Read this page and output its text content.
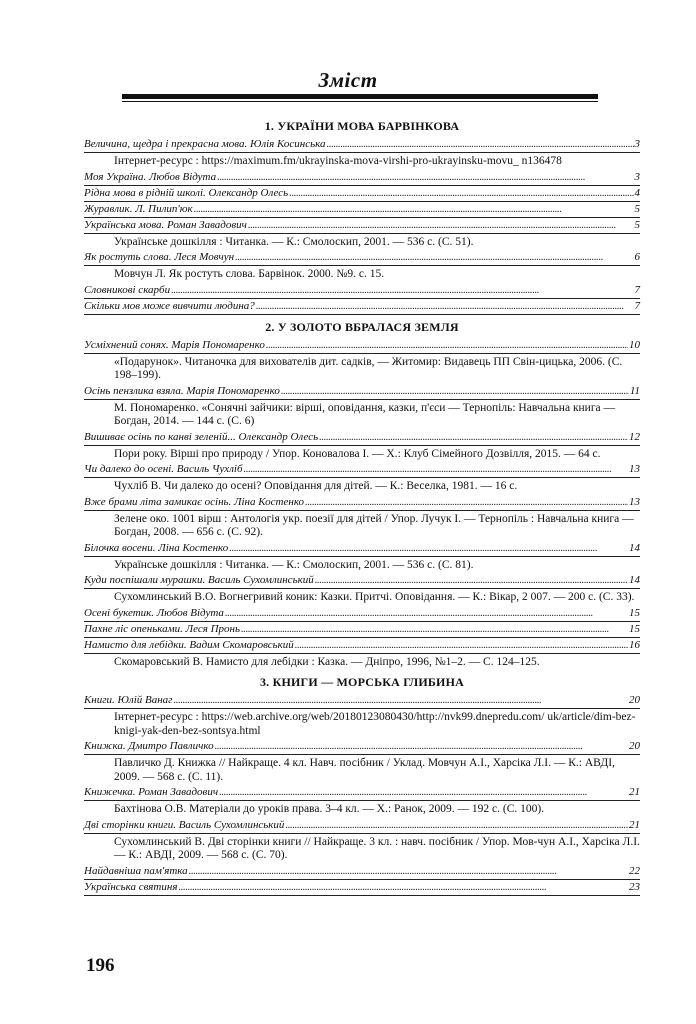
Зміст
1. УКРАЇНИ МОВА БАРВІНКОВА
Величина, щедра і прекрасна мова. Юлія Косинська . . .	3
Інтернет-ресурс : https://maximum.fm/ukrayinska-mova-virshi-pro-ukrayinsku-movu_ n136478
Моя Україна. Любов Відута . . .	3
Рідна мова в рідній школі. Олександр Олесь . . .	4
Журавлик. Л. Пилип'юк . . .	5
Українська мова. Роман Завадович . . .	5
Українське дошкілля : Читанка. — К.: Смолоскип, 2001. — 536 с. (С. 51).
Як ростуть слова. Леся Мовчун . . .	6
Мовчун Л. Як ростуть слова. Барвінок. 2000. №9. с. 15.
Словникові скарби . . .	7
Скільки мов може вивчити людина? . . .	7
2. У ЗОЛОТО ВБРАЛАСЯ ЗЕМЛЯ
Усміхнений сонях. Марія Пономаренко . . .	10
«Подарунок». Читаночка для вихователів дит. садків, — Житомир: Видавець ПП Свін-цицька, 2006. (С. 198–199).
Осінь пензлика взяла. Марія Пономаренко . . .	11
М. Пономаренко. «Сонячні зайчики: вірші, оповідання, казки, п'єси — Тернопіль: Навчальна книга — Богдан, 2014. — 144 с. (С. 6)
Вишиває осінь по канві зеленій... Олександр Олесь . . .	12
Пори року. Вірші про природу / Упор. Коновалова І. — Х.: Клуб Сімейного Дозвілля, 2015. — 64 с.
Чи далеко до осені. Василь Чухліб . . .	13
Чухліб В. Чи далеко до осені? Оповідання для дітей. — К.: Веселка, 1981. — 16 с.
Вже брами літа замикає осінь. Ліна Костенко . . .	13
Зелене око. 1001 вірш : Антологія укр. поезії для дітей / Упор. Лучук І. — Тернопіль : Навчальна книга — Богдан, 2008. — 656 с. (С. 92).
Білочка восени. Ліна Костенко . . .	14
Українське дошкілля : Читанка. — К.: Смолоскип, 2001. — 536 с. (С. 81).
Куди поспішали мурашки. Василь Сухомлинський . . .	14
Сухомлинський В.О. Вогнегривий коник: Казки. Притчі. Оповідання. — К.: Вікар, 2 007. — 200 с. (С. 33).
Осені букетик. Любов Відута . . .	15
Пахне ліс опеньками. Леся Пронь . . .	15
Намисто для лебідки. Вадим Скомаровський . . .	16
Скомаровський В. Намисто для лебідки : Казка. — Дніпро, 1996, №1–2. — С. 124–125.
3. КНИГИ — МОРСЬКА ГЛИБИНА
Книги. Юлій Ванаг . . .	20
Інтернет-ресурс : https://web.archive.org/web/20180123080430/http://nvk99.dnepredu.com/ uk/article/dim-bez-knigi-yak-den-bez-sontsya.html
Книжка. Дмитро Павличко . . .	20
Павличко Д. Книжка // Найкраще. 4 кл. Навч. посібник / Уклад. Мовчун А.І., Харсіка Л.І. — К.: АВДІ, 2009. — 568 с. (С. 11).
Книжечка. Роман Завадович . . .	21
Бахтінова О.В. Матеріали до уроків права. 3–4 кл. — Х.: Ранок, 2009. — 192 с. (С. 100).
Дві сторінки книги. Василь Сухомлинський . . .	21
Сухомлинський В. Дві сторінки книги // Найкраще. 3 кл. : навч. посібник / Упор. Мов-чун А.І., Харсіка Л.І. — К.: АВДІ, 2009. — 568 с. (С. 70).
Найдавніша пам'ятка . . .	22
Українська святиня . . .	23
196
